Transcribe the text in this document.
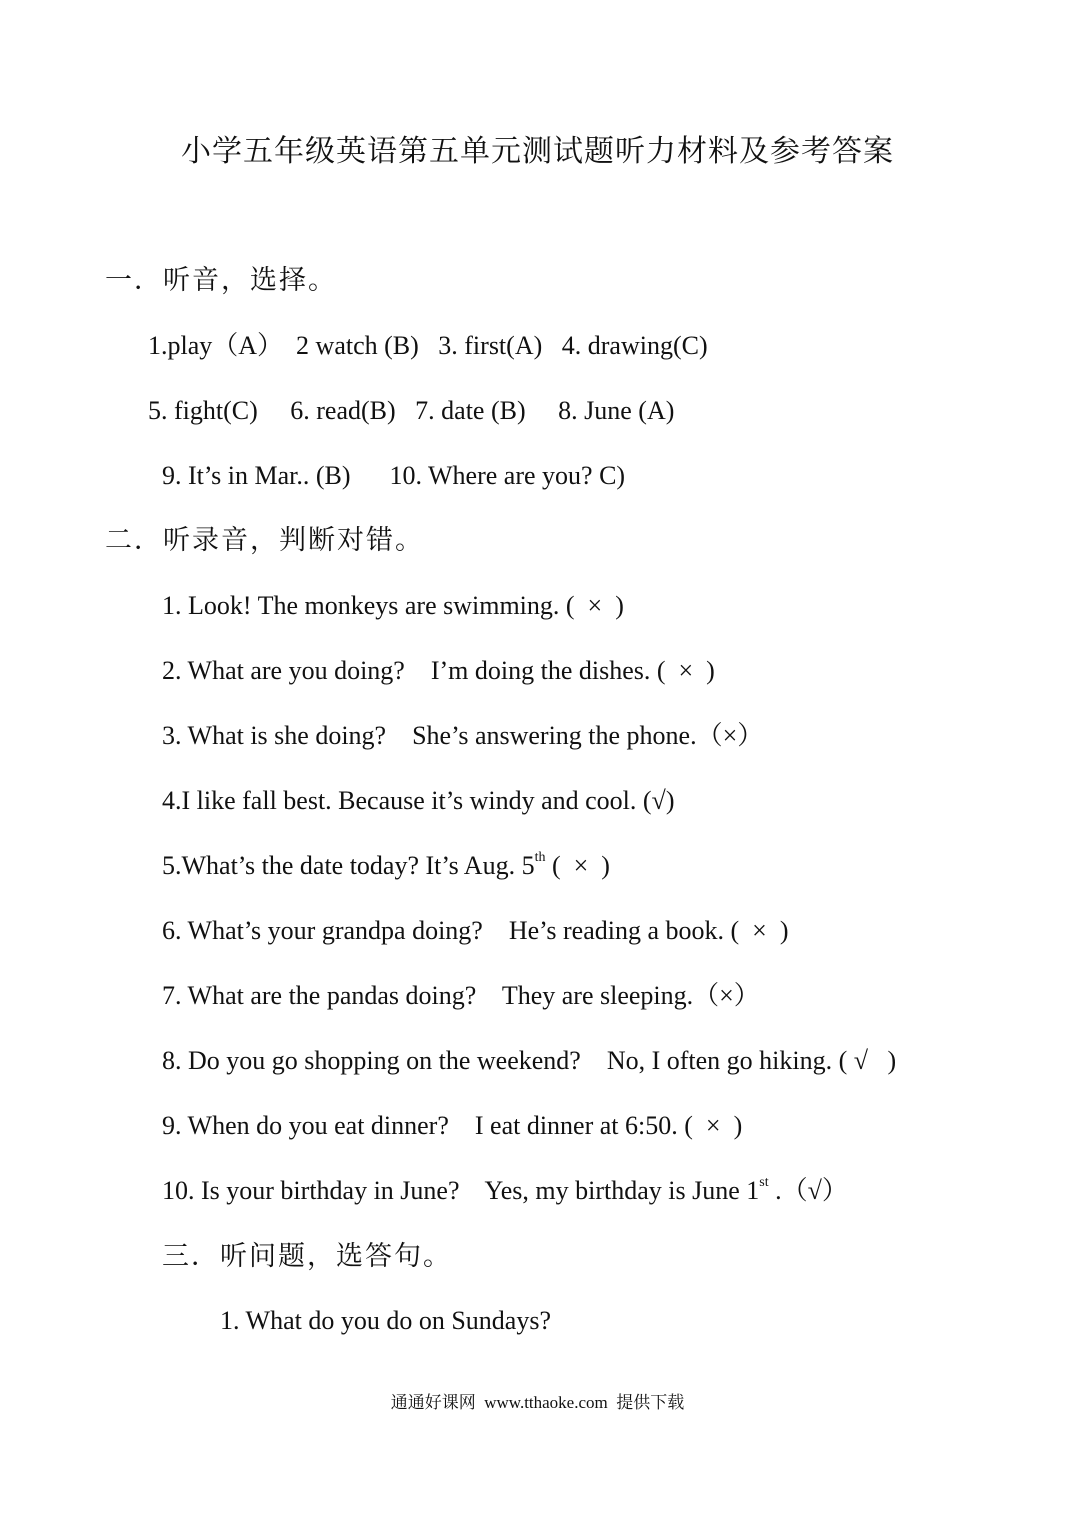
小学五年级英语第五单元测试题听力材料及参考答案
一．听音，选择。
1.play（A）  2 watch (B)   3. first(A)   4. drawing(C)
5. fight(C)     6. read(B)   7. date (B)     8. June (A)
9. It’s in Mar.. (B)      10. Where are you? C)
二．听录音，判断对错。
1. Look! The monkeys are swimming. (  ×  )
2. What are you doing?    I’m doing the dishes. (  ×  )
3. What is she doing?    She’s answering the phone.（×）
4.I like fall best. Because it’s windy and cool. (√)
5.What’s the date today? It’s Aug. 5th (  ×  )
6. What’s your grandpa doing?    He’s reading a book. (  ×  )
7. What are the pandas doing?    They are sleeping.（×）
8. Do you go shopping on the weekend?    No, I often go hiking. ( √   )
9. When do you eat dinner?    I eat dinner at 6:50. (  ×  )
10. Is your birthday in June?    Yes, my birthday is June 1st .（√）
三．听问题，选答句。
1. What do you do on Sundays?
通通好课网  www.tthaoke.com  提供下载
